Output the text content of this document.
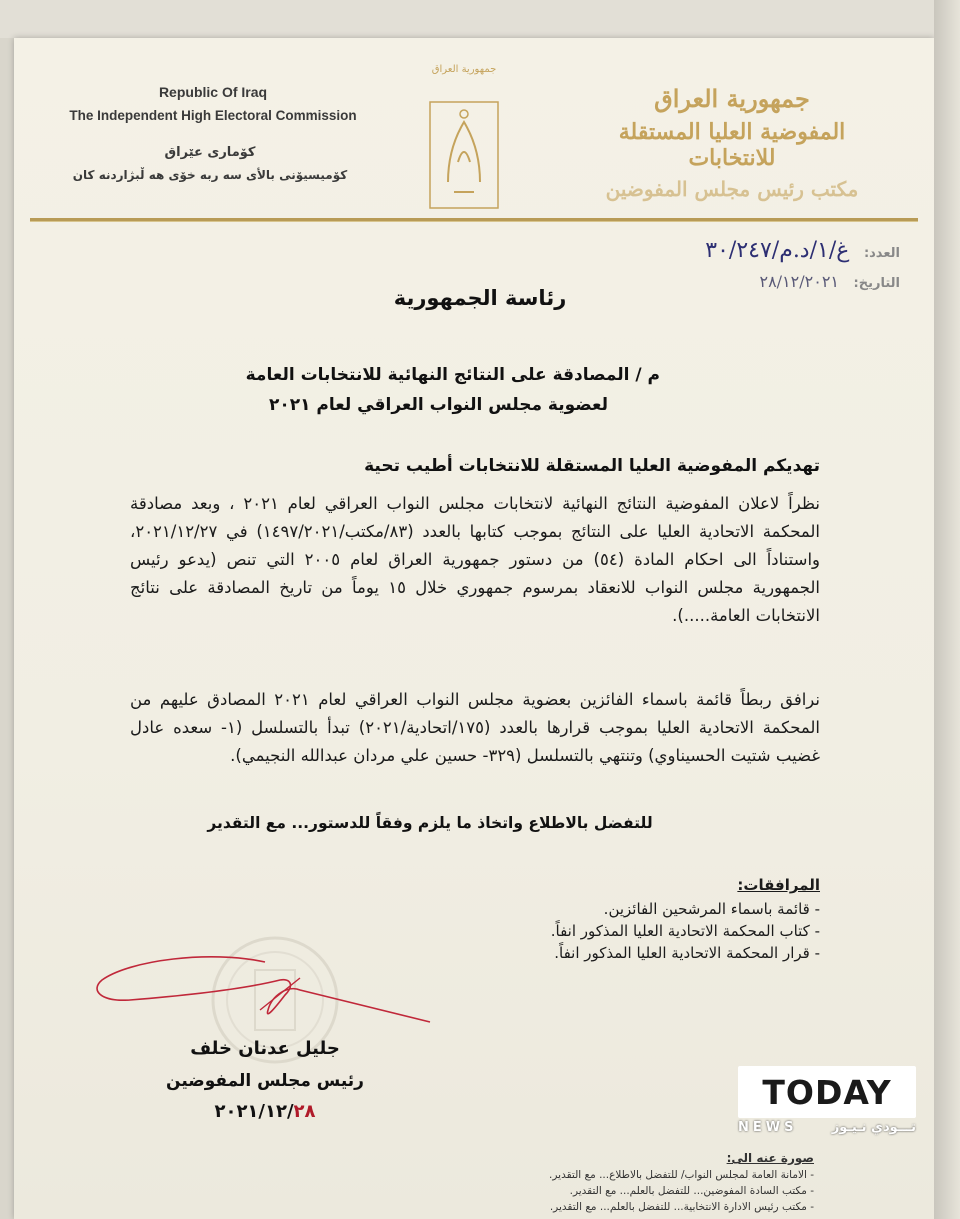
Republic Of Iraq
The Independent High Electoral Commission
كۆماری عێراق
كۆمیسیۆنی بالأی سه ربه خۆی هه ڵبژاردنه كان
جمهورية العراق
جمهورية العراق
المفوضية العليا المستقلة للانتخابات
مكتب رئيس مجلس المفوضين
العدد: غ/١/د.م/٣٠/٢٤٧
التاريخ: ٢٨/١٢/٢٠٢١
رئاسة الجمهورية
م / المصادقة على النتائج النهائية للانتخابات العامة
لعضوية مجلس النواب العراقي لعام ٢٠٢١
تهديكم المفوضية العليا المستقلة للانتخابات أطيب تحية
نظراً لاعلان المفوضية النتائج النهائية لانتخابات مجلس النواب العراقي لعام ٢٠٢١ ، وبعد مصادقة المحكمة الاتحادية العليا على النتائج بموجب كتابها بالعدد (٨٣/مكتب/١٤٩٧/٢٠٢١) في ٢٠٢١/١٢/٢٧، واستناداً الى احكام المادة (٥٤) من دستور جمهورية العراق لعام ٢٠٠٥ التي تنص (يدعو رئيس الجمهورية مجلس النواب للانعقاد بمرسوم جمهوري خلال ١٥ يوماً من تاريخ المصادقة على نتائج الانتخابات العامة.....).
نرافق ربطاً قائمة باسماء الفائزين بعضوية مجلس النواب العراقي لعام ٢٠٢١ المصادق عليهم من المحكمة الاتحادية العليا بموجب قرارها بالعدد (١٧٥/اتحادية/٢٠٢١) تبدأ بالتسلسل (١- سعده عادل غضيب شتيت الحسيناوي) وتنتهي بالتسلسل (٣٢٩- حسين علي مردان عبدالله النجيمي).
للتفضل بالاطلاع واتخاذ ما يلزم وفقاً للدستور... مع التقدير
المرافقات:
- قائمة باسماء المرشحين الفائزين.
- كتاب المحكمة الاتحادية العليا المذكور انفاً.
- قرار المحكمة الاتحادية العليا المذكور انفاً.
جليل عدنان خلف
رئيس مجلس المفوضين
٢٠٢١/١٢/٢٨	TODAY
NEWS	تـــودي نـيـوز
صورة عنه الى:
- الامانة العامة لمجلس النواب/ للتفضل بالاطلاع... مع التقدير.
- مكتب السادة المفوضين... للتفضل بالعلم... مع التقدير.
- مكتب رئيس الادارة الانتخابية... للتفضل بالعلم... مع التقدير.
